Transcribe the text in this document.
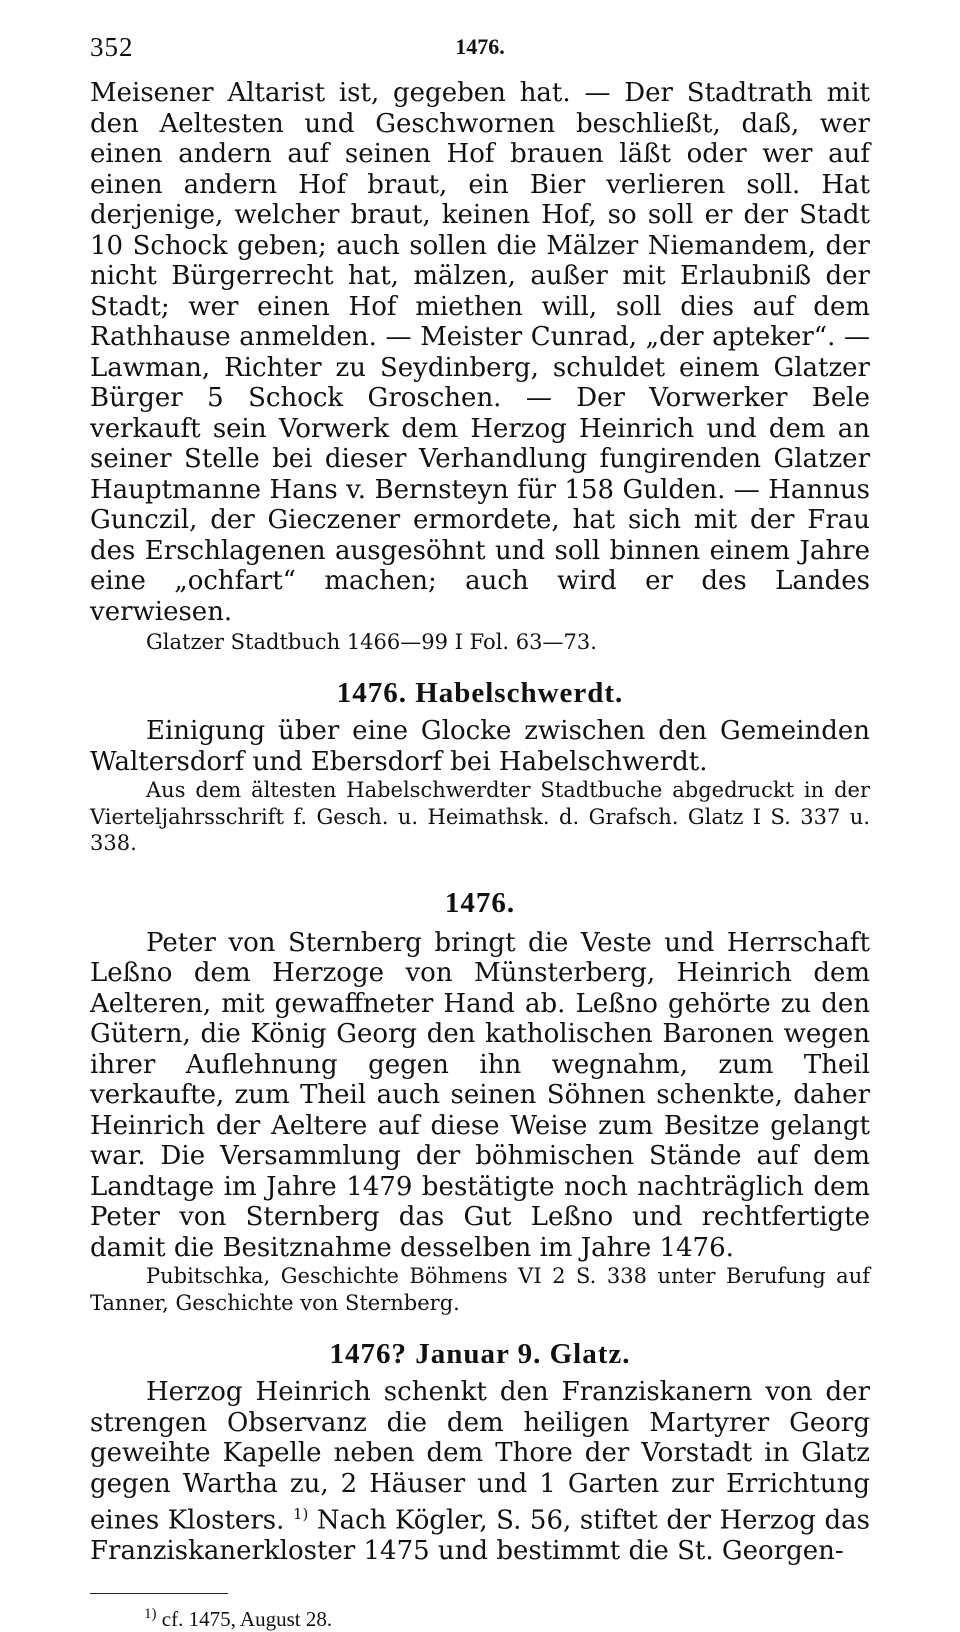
352	1476.

Meisener Altarist ist, gegeben hat. — Der Stadtrath mit den Aeltesten und Geschwornen beschließt, daß, wer einen andern auf seinen Hof brauen läßt oder wer auf einen andern Hof braut, ein Bier verlieren soll. Hat derjenige, welcher braut, keinen Hof, so soll er der Stadt 10 Schock geben; auch sollen die Mälzer Niemandem, der nicht Bürgerrecht hat, mälzen, außer mit Erlaubniß der Stadt; wer einen Hof miethen will, soll dies auf dem Rathhause anmelden. — Meister Cunrad, „der apteker“. — Lawman, Richter zu Seydinberg, schuldet einem Glatzer Bürger 5 Schock Groschen. — Der Vorwerker Bele verkauft sein Vorwerk dem Herzog Heinrich und dem an seiner Stelle bei dieser Verhandlung fungirenden Glatzer Hauptmanne Hans v. Bernsteyn für 158 Gulden. — Hannus Gunczil, der Gieczener ermordete, hat sich mit der Frau des Erschlagenen ausgesöhnt und soll binnen einem Jahre eine „ochfart“ machen; auch wird er des Landes verwiesen.

Glatzer Stadtbuch 1466—99 I Fol. 63—73.

1476. Habelschwerdt.

Einigung über eine Glocke zwischen den Gemeinden Waltersdorf und Ebersdorf bei Habelschwerdt.

Aus dem ältesten Habelschwerdter Stadtbuche abgedruckt in der Vierteljahrsschrift f. Gesch. u. Heimathsk. d. Grafsch. Glatz I S. 337 u. 338.

1476.

Peter von Sternberg bringt die Veste und Herrschaft Leßno dem Herzoge von Münsterberg, Heinrich dem Aelteren, mit gewaffneter Hand ab. Leßno gehörte zu den Gütern, die König Georg den katholischen Baronen wegen ihrer Auflehnung gegen ihn wegnahm, zum Theil verkaufte, zum Theil auch seinen Söhnen schenkte, daher Heinrich der Aeltere auf diese Weise zum Besitze gelangt war. Die Versammlung der böhmischen Stände auf dem Landtage im Jahre 1479 bestätigte noch nachträglich dem Peter von Sternberg das Gut Leßno und rechtfertigte damit die Besitznahme desselben im Jahre 1476.

Pubitschka, Geschichte Böhmens VI 2 S. 338 unter Berufung auf Tanner, Geschichte von Sternberg.

1476? Januar 9. Glatz.

Herzog Heinrich schenkt den Franziskanern von der strengen Observanz die dem heiligen Martyrer Georg geweihte Kapelle neben dem Thore der Vorstadt in Glatz gegen Wartha zu, 2 Häuser und 1 Garten zur Errichtung eines Klosters. $^{1)}$ Nach Kögler, S. 56, stiftet der Herzog das Franziskanerkloster 1475 und bestimmt die St. Georgen-

$^{1)}$ cf. 1475, August 28.
